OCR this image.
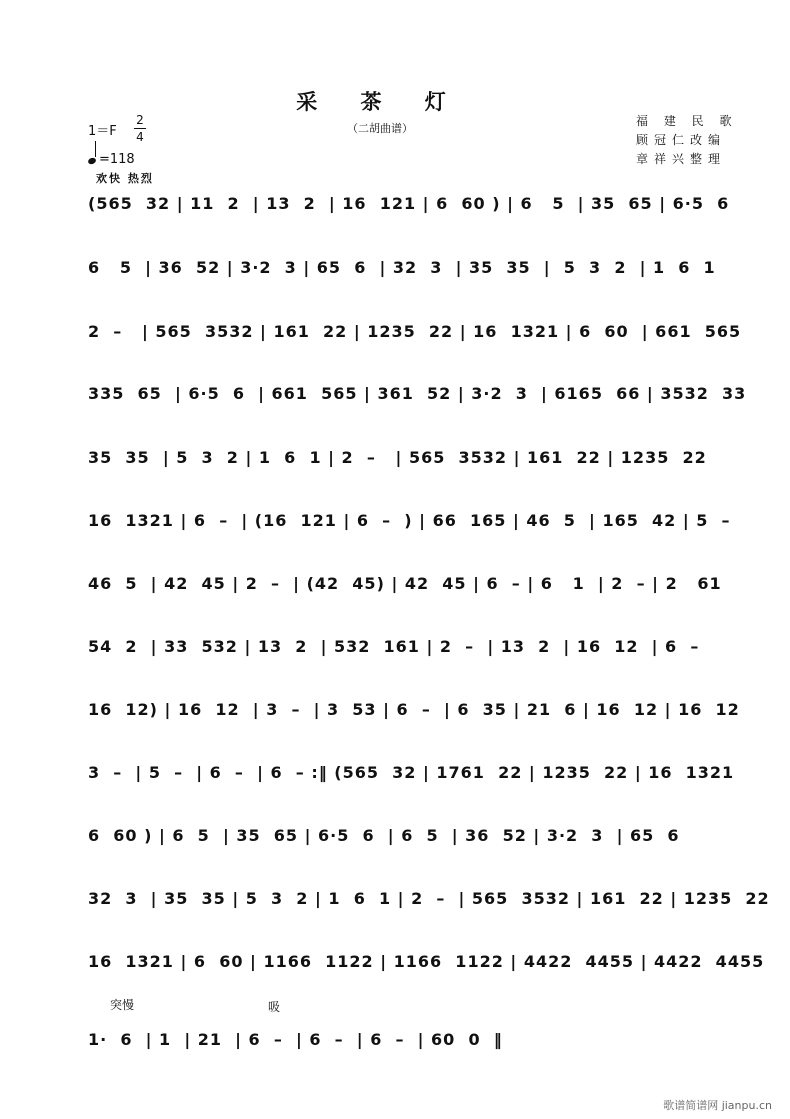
采 茶 灯
（二胡曲谱）
福 建 民 歌
顾冠仁改编
章祥兴整理
1＝F
2
4
=118
欢快 热烈
(565  32 | 11  2  | 13  2  | 16  121 | 6  60 ) | 6   5  | 35  65 | 6·5  6
6   5  | 36  52 | 3·2  3 | 65  6  | 32  3  | 35  35  |  5  3  2  | 1  6  1
2  –   | 565  3532 | 161  22 | 1235  22 | 16  1321 | 6  60  | 661  565
335  65  | 6·5  6  | 661  565 | 361  52 | 3·2  3  | 6165  66 | 3532  33
35  35  | 5  3  2 | 1  6  1 | 2  –   | 565  3532 | 161  22 | 1235  22
16  1321 | 6  –  | (16  121 | 6  –  ) | 66  165 | 46  5  | 165  42 | 5  –
46  5  | 42  45 | 2  –  | (42  45) | 42  45 | 6  – | 6   1  | 2  – | 2   61
54  2  | 33  532 | 13  2  | 532  161 | 2  –  | 13  2  | 16  12  | 6  –
16  12) | 16  12  | 3  –  | 3  53 | 6  –  | 6  35 | 21  6 | 16  12 | 16  12
3  –  | 5  –  | 6  –  | 6  – :‖ (565  32 | 1761  22 | 1235  22 | 16  1321
6  60 ) | 6  5  | 35  65 | 6·5  6  | 6  5  | 36  52 | 3·2  3  | 65  6
32  3  | 35  35 | 5  3  2 | 1  6  1 | 2  –  | 565  3532 | 161  22 | 1235  22
16  1321 | 6  60 | 1166  1122 | 1166  1122 | 4422  4455 | 4422  4455
突慢	吸
1·  6  | 1  | 21  | 6  –  | 6  –  | 6  –  | 60  0  ‖
歌谱简谱网 jianpu.cn
